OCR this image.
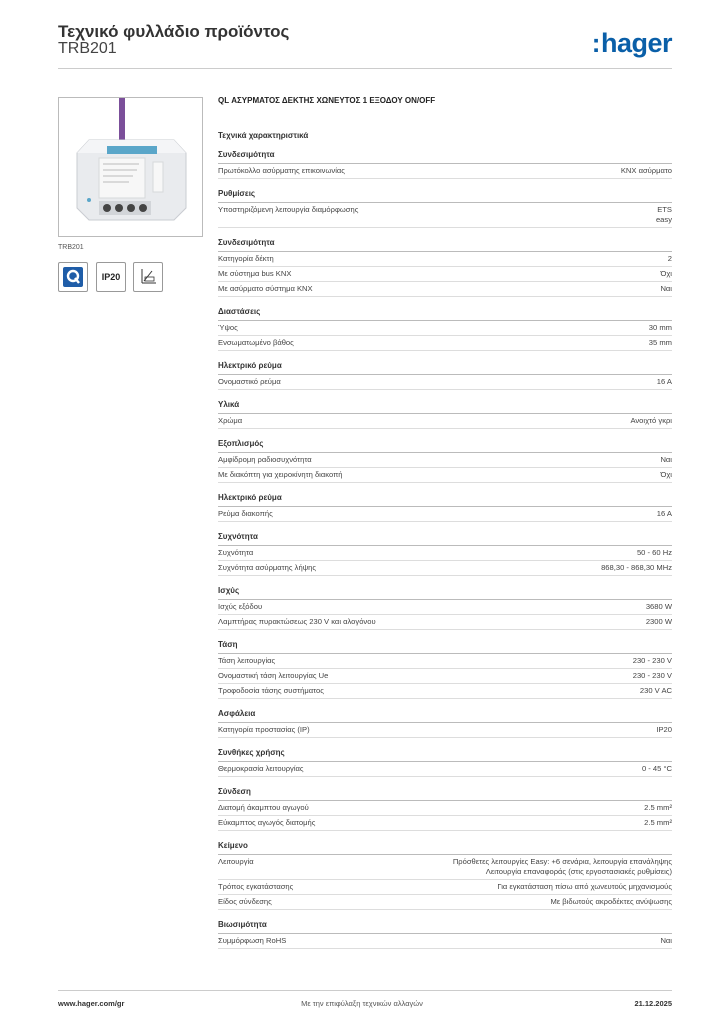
Τεχνικό φυλλάδιο προϊόντος
TRB201	:hager
TRB201
IP20
QL ΑΣΥΡΜΑΤΟΣ ΔΕΚΤΗΣ ΧΩΝΕΥΤΟΣ 1 ΕΞΟΔΟΥ ON/OFF
Τεχνικά χαρακτηριστικά
Συνδεσιμότητα
Πρωτόκολλο ασύρματης επικοινωνίας	KNX ασύρματο
Ρυθμίσεις
Υποστηριζόμενη λειτουργία διαμόρφωσης	ETS
easy
Συνδεσιμότητα
Κατηγορία δέκτη	2
Με σύστημα bus KNX	Όχι
Με ασύρματο σύστημα KNX	Ναι
Διαστάσεις
Ύψος	30 mm
Ενσωματωμένο βάθος	35 mm
Ηλεκτρικό ρεύμα
Ονομαστικό ρεύμα	16 A
Υλικά
Χρώμα	Ανοιχτό γκρι
Εξοπλισμός
Αμφίδρομη ραδιοσυχνότητα	Ναι
Με διακόπτη για χειροκίνητη διακοπή	Όχι
Ηλεκτρικό ρεύμα
Ρεύμα διακοπής	16 A
Συχνότητα
Συχνότητα	50 - 60 Hz
Συχνότητα ασύρματης λήψης	868,30 - 868,30 MHz
Ισχύς
Ισχύς εξόδου	3680 W
Λαμπτήρας πυρακτώσεως 230 V και αλογόνου	2300 W
Τάση
Τάση λειτουργίας	230 - 230 V
Ονομαστική τάση λειτουργίας Ue	230 - 230 V
Τροφοδοσία τάσης συστήματος	230 V AC
Ασφάλεια
Κατηγορία προστασίας (IP)	IP20
Συνθήκες χρήσης
Θερμοκρασία λειτουργίας	0 - 45 °C
Σύνδεση
Διατομή άκαμπτου αγωγού	2.5 mm²
Εύκαμπτος αγωγός διατομής	2.5 mm²
Κείμενο
Λειτουργία	Πρόσθετες λειτουργίες Easy: +6 σενάρια, λειτουργία επανάληψης
Λειτουργία επαναφοράς (στις εργοστασιακές ρυθμίσεις)
Τρόπος εγκατάστασης	Για εγκατάσταση πίσω από χωνευτούς μηχανισμούς
Είδος σύνδεσης	Με βιδωτούς ακροδέκτες ανύψωσης
Βιωσιμότητα
Συμμόρφωση RoHS	Ναι
www.hager.com/gr	Με την επιφύλαξη τεχνικών αλλαγών	21.12.2025
